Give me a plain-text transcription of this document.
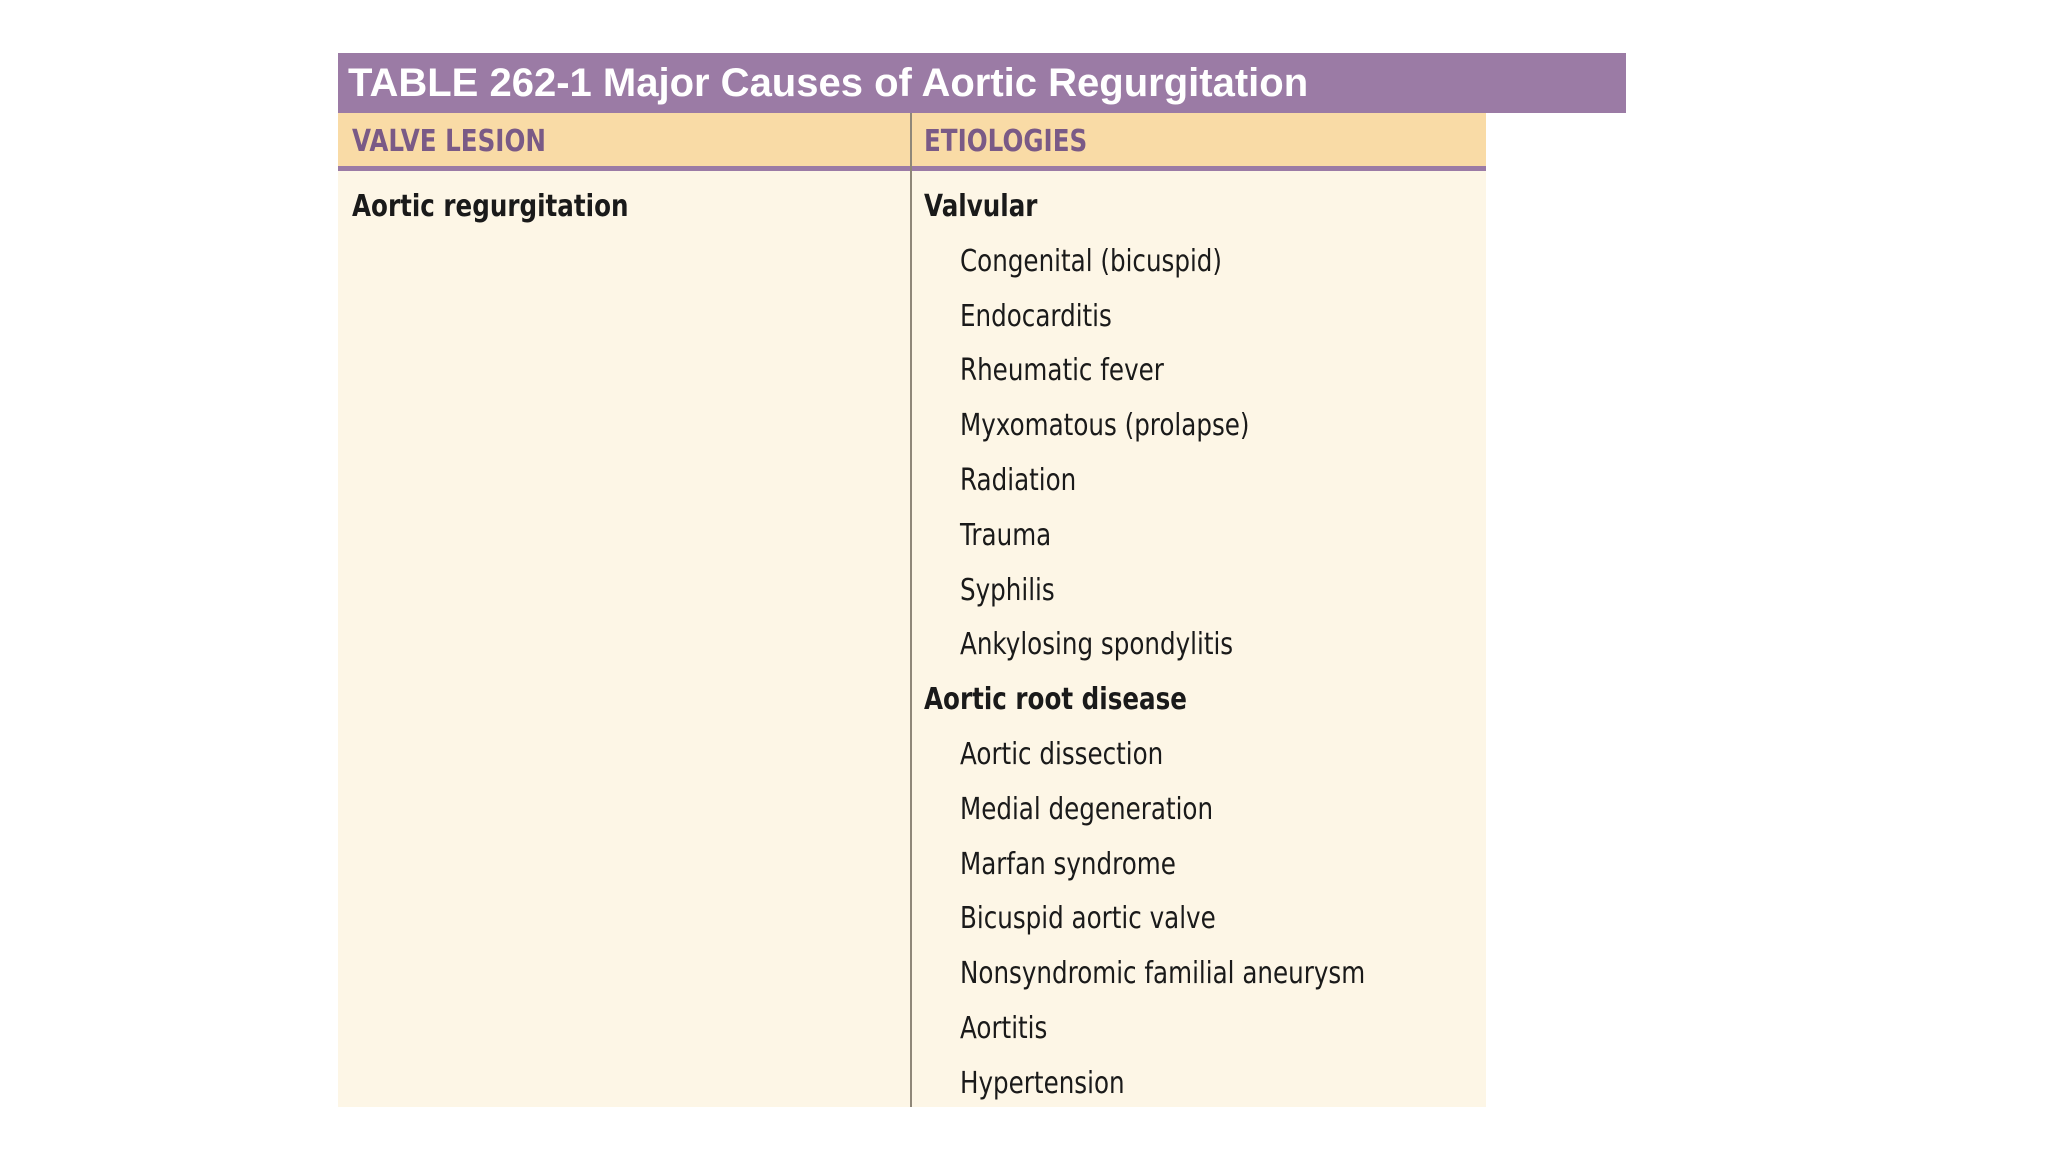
TABLE 262-1 Major Causes of Aortic Regurgitation
VALVE LESION	ETIOLOGIES
Aortic regurgitation	Valvular
Congenital (bicuspid)
Endocarditis
Rheumatic fever
Myxomatous (prolapse)
Radiation
Trauma
Syphilis
Ankylosing spondylitis
Aortic root disease
Aortic dissection
Medial degeneration
Marfan syndrome
Bicuspid aortic valve
Nonsyndromic familial aneurysm
Aortitis
Hypertension
